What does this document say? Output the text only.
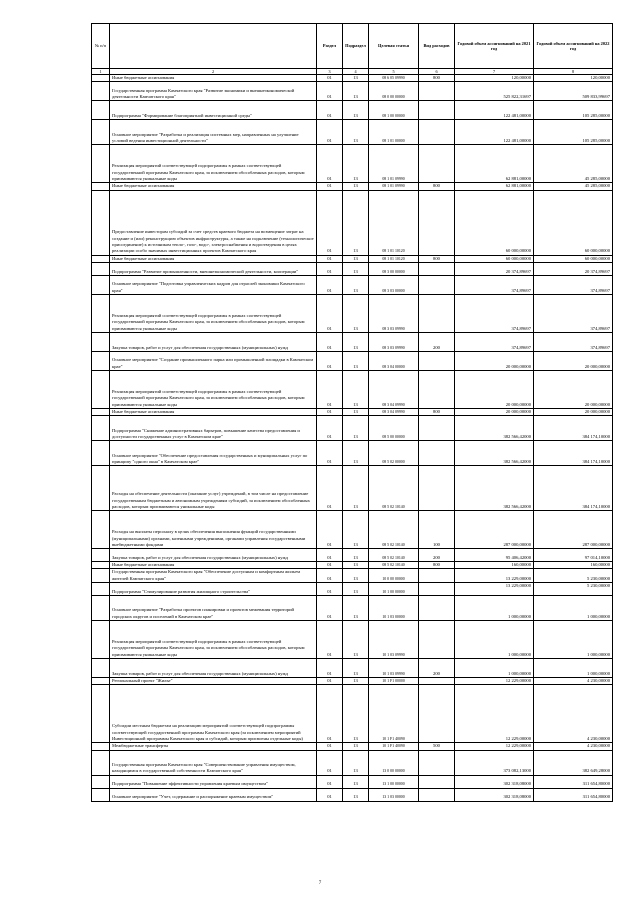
№ п/п		Раздел	Подраздел	Целевая статья	Вид расходов	Годовой объем ассигнований на 2021 год	Годовой объем ассигнований на 2022 год
1	2	3	4	5	6	7	8
	Иные бюджетные ассигнования	01	13	08 6 05 09990	800	120,00000	120,00000
	Государственная программа Камчатского края "Развитие экономики и внешнеэкономической деятельности Камчатского края"	01	13	08 0 00 00000		525 822,31697	509 833,99697
	Подпрограмма "Формирование благоприятной инвестиционной среды"	01	13	08 1 00 00000		122 481,00000	105 285,00000
	Основное мероприятие "Разработка и реализация системных мер, направленных на улучшение условий ведения инвестиционной деятельности"	01	13	08 1 01 00000		122 481,00000	105 285,00000
	Реализация мероприятий соответствующей подпрограммы в рамках соответствующей государственной программы Камчатского края, за исключением обособленных расходов, которым присваиваются уникальные коды	01	13	08 1 01 09990		62 881,00000	45 285,00000
	Иные бюджетные ассигнования	01	13	08 1 01 09990	800	62 881,00000	45 285,00000
	Предоставление инвесторам субсидий за счет средств краевого бюджета на возмещение затрат на создание и (или) реконструкцию объектов инфраструктуры, а также на подключение (технологическое присоединение) к источникам тепло-, газо-, водо-, электроснабжения и водоотведения в целях реализации особо значимых инвестиционных проектов Камчатского края	01	13	08 1 01 10120		60 000,00000	60 000,00000
	Иные бюджетные ассигнования	01	13	08 1 01 10120	800	60 000,00000	60 000,00000
	Подпрограмма "Развитие промышленности, внешнеэкономической деятельности, кооперации"	01	13	08 3 00 00000		20 374,89697	20 374,89697
	Основное мероприятие "Подготовка управленческих кадров для отраслей экономики Камчатского края"	01	13	08 3 03 00000		374,89697	374,89697
	Реализация мероприятий соответствующей подпрограммы в рамках соответствующей государственной программы Камчатского края, за исключением обособленных расходов, которым присваиваются уникальные коды	01	13	08 3 03 09990		374,89697	374,89697
	Закупка товаров, работ и услуг для обеспечения государственных (муниципальных) нужд	01	13	08 3 03 09990	200	374,89697	374,89697
	Основное мероприятие "Создание промышленного парка или промышленной площадки в Камчатском крае"	01	13	08 3 04 00000		20 000,00000	20 000,00000
	Реализация мероприятий соответствующей подпрограммы в рамках соответствующей государственной программы Камчатского края, за исключением обособленных расходов, которым присваиваются уникальные коды	01	13	08 3 04 09990		20 000,00000	20 000,00000
	Иные бюджетные ассигнования	01	13	08 3 04 09990	800	20 000,00000	20 000,00000
	Подпрограмма "Снижение административных барьеров, повышение качества предоставления и доступности государственных услуг в Камчатском крае"	01	13	08 5 00 00000		382 566,42000	384 174,10000
	Основное мероприятие "Обеспечение предоставления государственных и муниципальных услуг по принципу "одного окна" в Камчатском крае"	01	13	08 5 02 00000		382 566,42000	384 174,10000
	Расходы на обеспечение деятельности (оказание услуг) учреждений, в том числе на предоставление государственным бюджетным и автономным учреждениям субсидий, за исключением обособленных расходов, которым присваиваются уникальные коды	01	13	08 5 02 10140		382 566,42000	384 174,10000
	Расходы на выплаты персоналу в целях обеспечения выполнения функций государственными (муниципальными) органами, казенными учреждениями, органами управления государственными внебюджетными фондами	01	13	08 5 02 10140	100	287 000,00000	287 000,00000
	Закупка товаров, работ и услуг для обеспечения государственных (муниципальных) нужд	01	13	08 5 02 10140	200	95 406,42000	97 014,10000
	Иные бюджетные ассигнования	01	13	08 5 02 10140	800	160,00000	160,00000
	Государственная программа Камчатского края "Обеспечение доступным и комфортным жильем жителей Камчатского края"	01	13	10 0 00 00000		13 229,00000	5 230,00000
	Подпрограмма "Стимулирование развития жилищного строительства"	01	13	10 1 00 00000		13 229,00000	5 230,00000
	Основное мероприятие "Разработка проектов планировки и проектов межевания территорий городских округов и поселений в Камчатском крае"	01	13	10 1 03 00000		1 000,00000	1 000,00000
	Реализация мероприятий соответствующей подпрограммы в рамках соответствующей государственной программы Камчатского края, за исключением обособленных расходов, которым присваиваются уникальные коды	01	13	10 1 03 09990		1 000,00000	1 000,00000
	Закупка товаров, работ и услуг для обеспечения государственных (муниципальных) нужд	01	13	10 1 03 09990	200	1 000,00000	1 000,00000
	Региональный проект "Жилье"	01	13	10 1 F1 00000		12 229,00000	4 230,00000
	Субсидии местным бюджетам на реализацию мероприятий соответствующей подпрограммы соответствующей государственной программы Камчатского края (за исключением мероприятий Инвестиционной программы Камчатского края и субсидий, которым присвоены отдельные коды)	01	13	10 1 F1 40090		12 229,00000	4 230,00000
	Межбюджетные трансферты	01	13	10 1 F1 40090	500	12 229,00000	4 230,00000
	Государственная программа Камчатского края "Совершенствование управления имуществом, находящимся в государственной собственности Камчатского края"	01	13	13 0 00 00000		373 082,13000	382 649,28000
	Подпрограмма "Повышение эффективности управления краевым имуществом"	01	13	13 1 00 00000		302 318,08000	311 654,80000
	Основное мероприятие "Учет, содержание и распоряжение краевым имуществом"	01	13	13 1 03 00000		302 318,08000	311 654,80000
7
